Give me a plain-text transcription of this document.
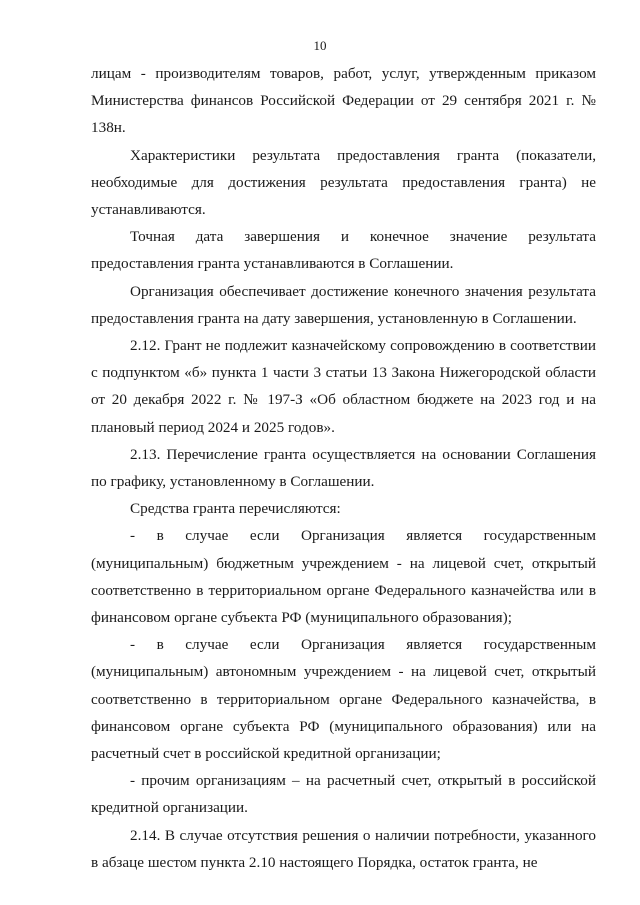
10

лицам - производителям товаров, работ, услуг, утвержденным приказом Министерства финансов Российской Федерации от 29 сентября 2021 г. № 138н.

Характеристики результата предоставления гранта (показатели, необходимые для достижения результата предоставления гранта) не устанавливаются.

Точная дата завершения и конечное значение результата предоставления гранта устанавливаются в Соглашении.

Организация обеспечивает достижение конечного значения результата предоставления гранта на дату завершения, установленную в Соглашении.

2.12. Грант не подлежит казначейскому сопровождению в соответствии с подпунктом «б» пункта 1 части 3 статьи 13 Закона Нижегородской области от 20 декабря 2022 г. № 197-З «Об областном бюджете на 2023 год и на плановый период 2024 и 2025 годов».

2.13. Перечисление гранта осуществляется на основании Соглашения по графику, установленному в Соглашении.

Средства гранта перечисляются:

- в случае если Организация является государственным (муниципальным) бюджетным учреждением - на лицевой счет, открытый соответственно в территориальном органе Федерального казначейства или в финансовом органе субъекта РФ (муниципального образования);

- в случае если Организация является государственным (муниципальным) автономным учреждением - на лицевой счет, открытый соответственно в территориальном органе Федерального казначейства, в финансовом органе субъекта РФ (муниципального образования) или на расчетный счет в российской кредитной организации;

- прочим организациям – на расчетный счет, открытый в российской кредитной организации.

2.14. В случае отсутствия решения о наличии потребности, указанного в абзаце шестом пункта 2.10 настоящего Порядка, остаток гранта, не
